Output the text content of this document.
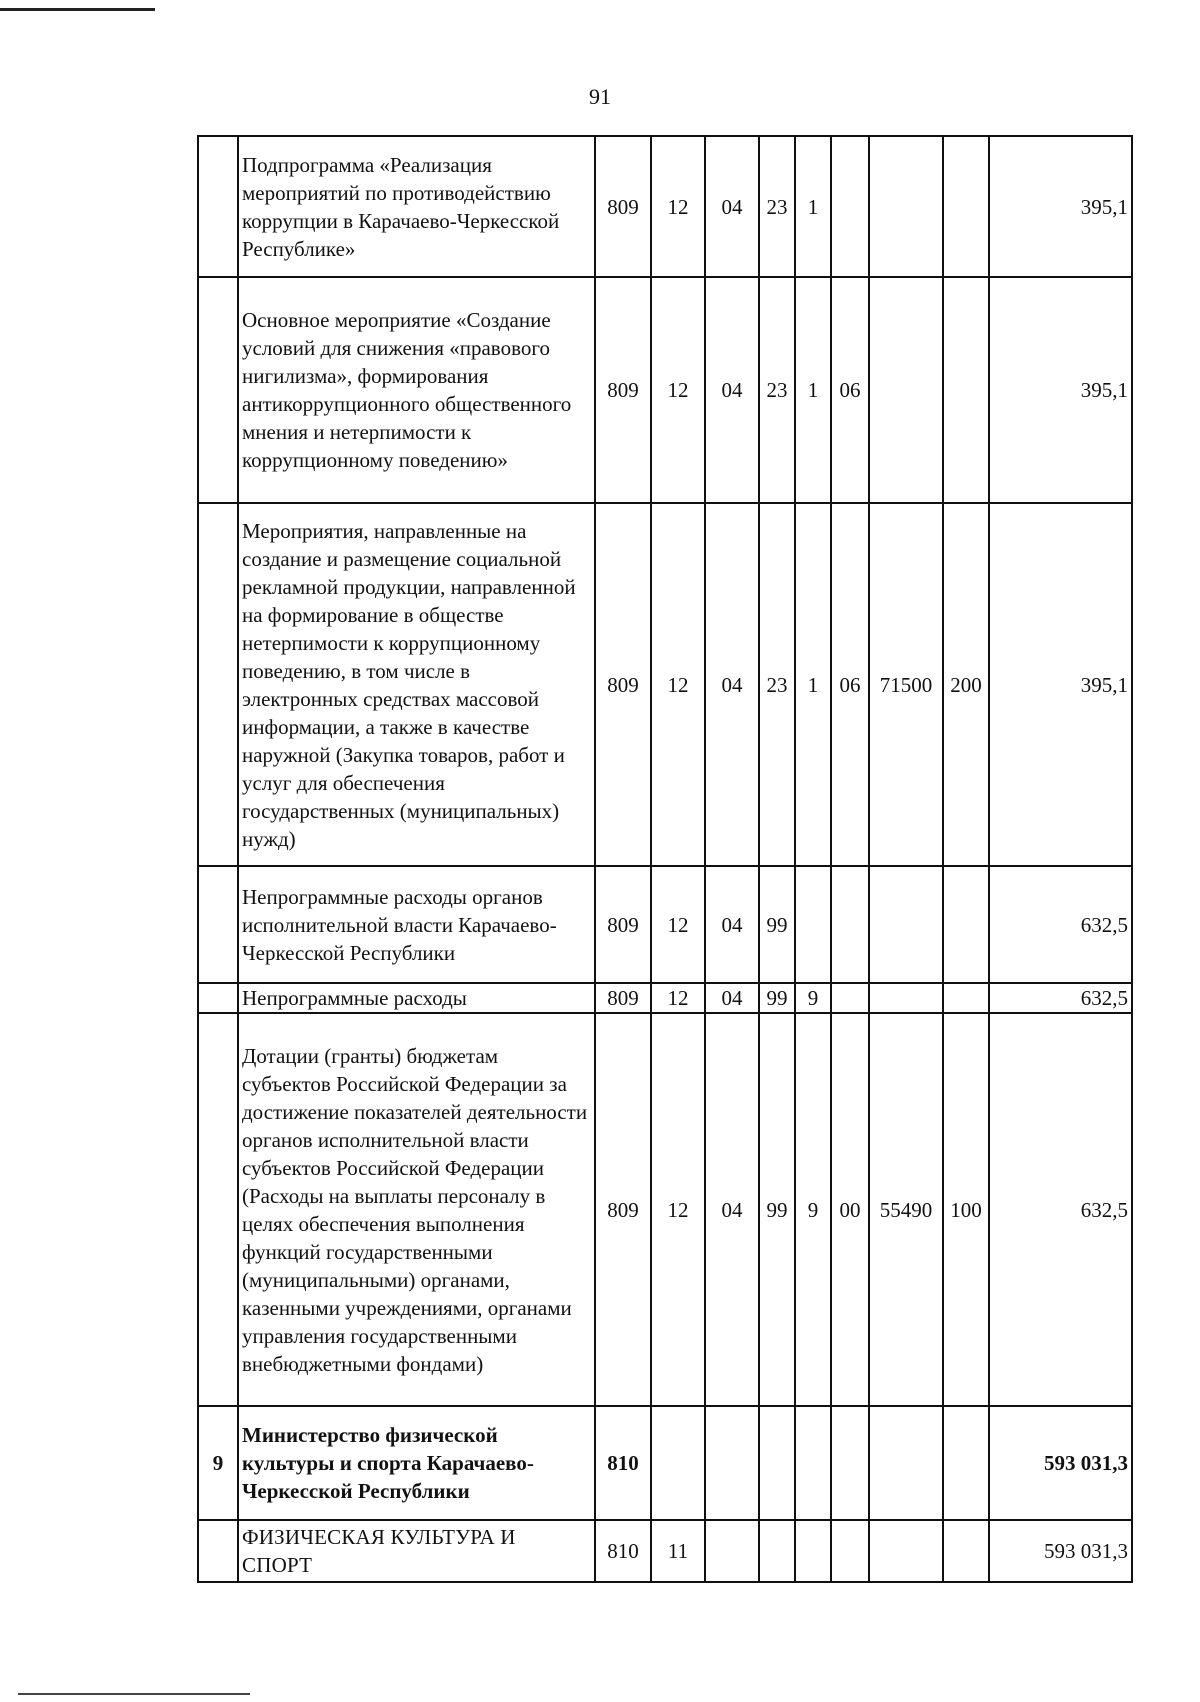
91
	Подпрограмма «Реализация мероприятий по противодействию коррупции в Карачаево-Черкесской Республике»	809	12	04	23	1				395,1
	Основное мероприятие «Создание условий для снижения «правового нигилизма», формирования антикоррупционного общественного мнения и нетерпимости к коррупционному поведению»	809	12	04	23	1	06			395,1
	Мероприятия, направленные на создание и размещение социальной рекламной продукции, направленной на формирование в обществе нетерпимости к коррупционному поведению, в том числе в электронных средствах массовой информации, а также в качестве наружной (Закупка товаров, работ и услуг для обеспечения государственных (муниципальных) нужд)	809	12	04	23	1	06	71500	200	395,1
	Непрограммные расходы органов исполнительной власти Карачаево-Черкесской Республики	809	12	04	99					632,5
	Непрограммные расходы	809	12	04	99	9				632,5
	Дотации (гранты) бюджетам субъектов Российской Федерации за достижение показателей деятельности органов исполнительной власти субъектов Российской Федерации (Расходы на выплаты персоналу в целях обеспечения выполнения функций государственными (муниципальными) органами, казенными учреждениями, органами управления государственными внебюджетными фондами)	809	12	04	99	9	00	55490	100	632,5
9	Министерство физической культуры и спорта Карачаево-Черкесской Республики	810								593 031,3
	ФИЗИЧЕСКАЯ КУЛЬТУРА И СПОРТ	810	11							593 031,3
